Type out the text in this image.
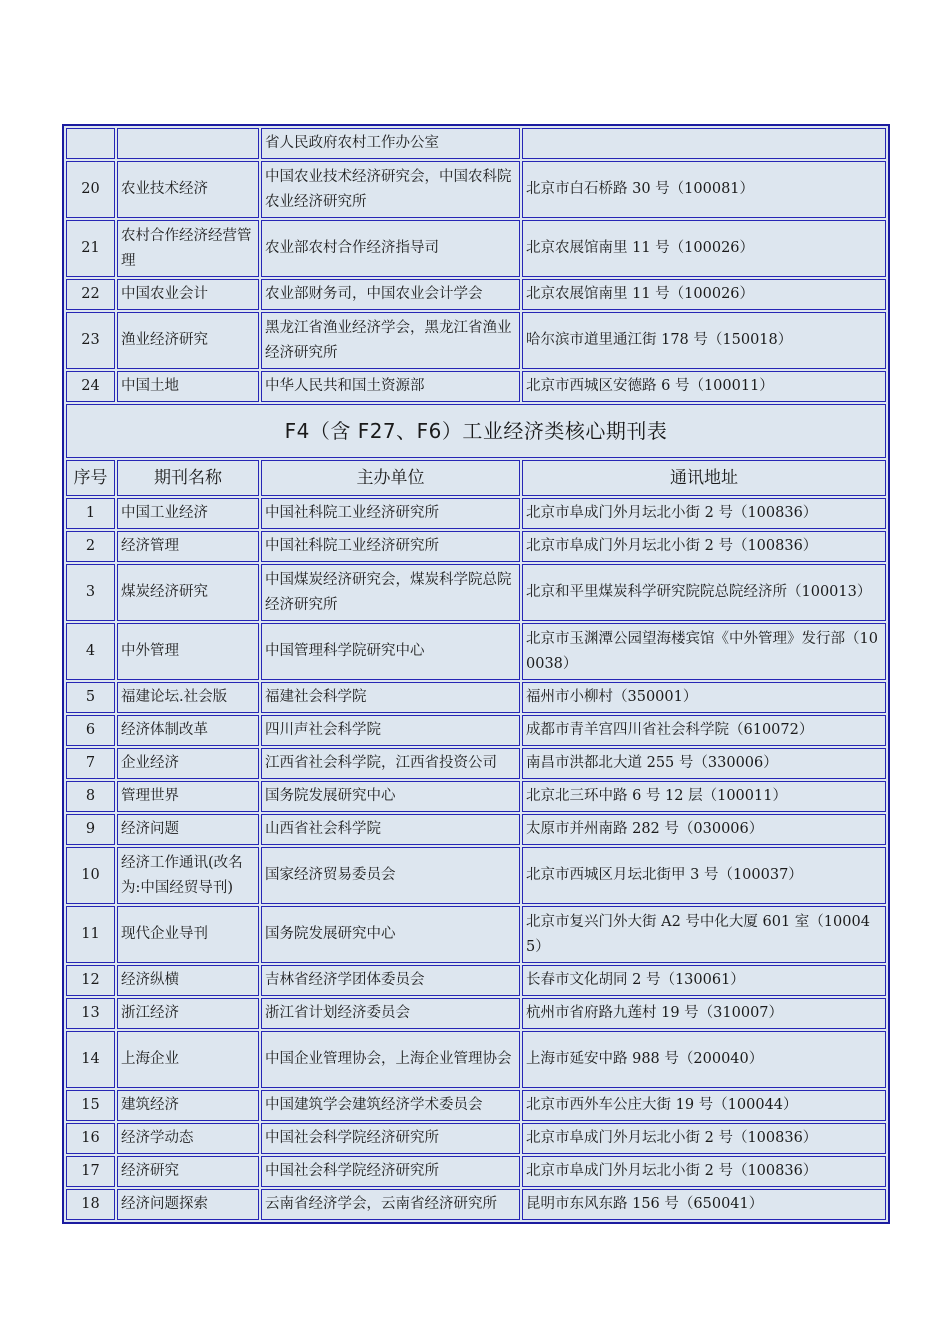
		省人民政府农村工作办公室	
20	农业技术经济	中国农业技术经济研究会，中国农科院农业经济研究所	北京市白石桥路 30 号（100081）
21	农村合作经济经营管理	农业部农村合作经济指导司	北京农展馆南里 11 号（100026）
22	中国农业会计	农业部财务司，中国农业会计学会	北京农展馆南里 11 号（100026）
23	渔业经济研究	黑龙江省渔业经济学会，黑龙江省渔业经济研究所	哈尔滨市道里通江街 178 号（150018）
24	中国土地	中华人民共和国土资源部	北京市西城区安德路 6 号（100011）
F4（含 F27、F6）工业经济类核心期刊表			
序号	期刊名称	主办单位	通讯地址
1	中国工业经济	中国社科院工业经济研究所	北京市阜成门外月坛北小街 2 号（100836）
2	经济管理	中国社科院工业经济研究所	北京市阜成门外月坛北小街 2 号（100836）
3	煤炭经济研究	中国煤炭经济研究会，煤炭科学院总院经济研究所	北京和平里煤炭科学研究院院总院经济所（100013）
4	中外管理	中国管理科学院研究中心	北京市玉渊潭公园望海楼宾馆《中外管理》发行部（100038）
5	福建论坛.社会版	福建社会科学院	福州市小柳村（350001）
6	经济体制改革	四川声社会科学院	成都市青羊宫四川省社会科学院（610072）
7	企业经济	江西省社会科学院，江西省投资公司	南昌市洪都北大道 255 号（330006）
8	管理世界	国务院发展研究中心	北京北三环中路 6 号 12 层（100011）
9	经济问题	山西省社会科学院	太原市并州南路 282 号（030006）
10	经济工作通讯(改名为:中国经贸导刊)	国家经济贸易委员会	北京市西城区月坛北街甲 3 号（100037）
11	现代企业导刊	国务院发展研究中心	北京市复兴门外大街 A2 号中化大厦 601 室（100045）
12	经济纵横	吉林省经济学团体委员会	长春市文化胡同 2 号（130061）
13	浙江经济	浙江省计划经济委员会	杭州市省府路九莲村 19 号（310007）
14	上海企业	中国企业管理协会，上海企业管理协会	上海市延安中路 988 号（200040）
15	建筑经济	中国建筑学会建筑经济学术委员会	北京市西外车公庄大街 19 号（100044）
16	经济学动态	中国社会科学院经济研究所	北京市阜成门外月坛北小街 2 号（100836）
17	经济研究	中国社会科学院经济研究所	北京市阜成门外月坛北小街 2 号（100836）
18	经济问题探索	云南省经济学会，云南省经济研究所	昆明市东风东路 156 号（650041）
